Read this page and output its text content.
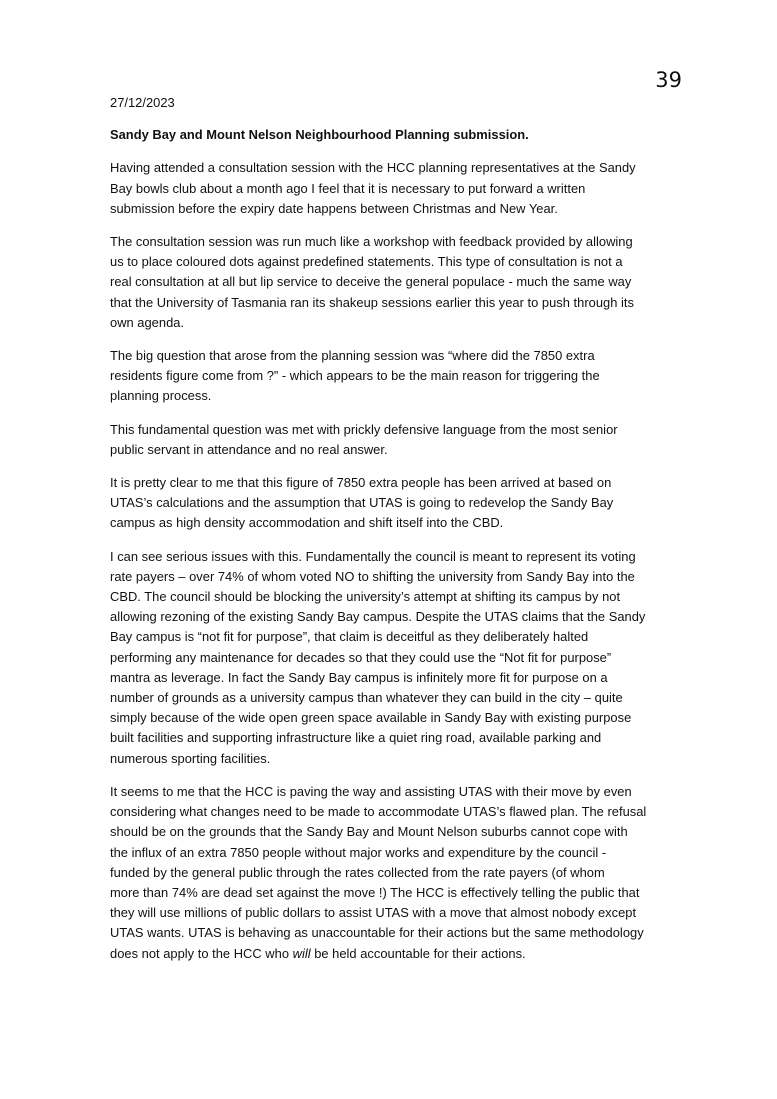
39
27/12/2023
Sandy Bay and Mount Nelson Neighbourhood Planning submission.

Having attended a consultation session with the HCC planning representatives at the Sandy
Bay bowls club about a month ago I feel that it is necessary to put forward a written
submission before the expiry date happens between Christmas and New Year.

The consultation session was run much like a workshop with feedback provided by allowing
us to place coloured dots against predefined statements. This type of consultation is not a
real consultation at all but lip service to deceive the general populace - much the same way
that the University of Tasmania ran its shakeup sessions earlier this year to push through its
own agenda.

The big question that arose from the planning session was “where did the 7850 extra
residents figure come from ?” - which appears to be the main reason for triggering the
planning process.

This fundamental question was met with prickly defensive language from the most senior
public servant in attendance and no real answer.

It is pretty clear to me that this figure of 7850 extra people has been arrived at based on
UTAS’s calculations and the assumption that UTAS is going to redevelop the Sandy Bay
campus as high density accommodation and shift itself into the CBD.

I can see serious issues with this. Fundamentally the council is meant to represent its voting
rate payers – over 74% of whom voted NO to shifting the university from Sandy Bay into the
CBD. The council should be blocking the university’s attempt at shifting its campus by not
allowing rezoning of the existing Sandy Bay campus. Despite the UTAS claims that the Sandy
Bay campus is “not fit for purpose”, that claim is deceitful as they deliberately halted
performing any maintenance for decades so that they could use the “Not fit for purpose”
mantra as leverage. In fact the Sandy Bay campus is infinitely more fit for purpose on a
number of grounds as a university campus than whatever they can build in the city – quite
simply because of the wide open green space available in Sandy Bay with existing purpose
built facilities and supporting infrastructure like a quiet ring road, available parking and
numerous sporting facilities.

It seems to me that the HCC is paving the way and assisting UTAS with their move by even
considering what changes need to be made to accommodate UTAS’s flawed plan. The refusal
should be on the grounds that the Sandy Bay and Mount Nelson suburbs cannot cope with
the influx of an extra 7850 people without major works and expenditure by the council -
funded by the general public through the rates collected from the rate payers (of whom
more than 74% are dead set against the move !) The HCC is effectively telling the public that
they will use millions of public dollars to assist UTAS with a move that almost nobody except
UTAS wants. UTAS is behaving as unaccountable for their actions but the same methodology
does not apply to the HCC who will be held accountable for their actions.
